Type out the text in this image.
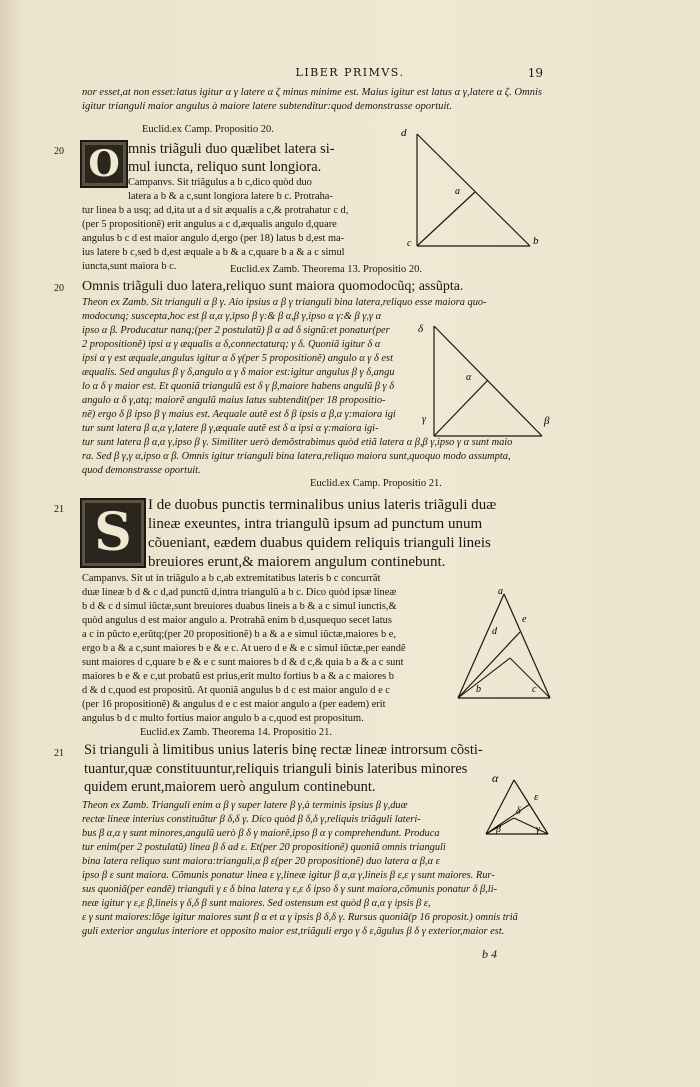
LIBER PRIMVS.	19
nor esset,at non esset:latus igitur α γ latere α ζ minus minime est. Maius igitur est latus α γ,latere α ζ. Omnis
igitur trianguli maior angulus à maiore latere subtenditur:quod demonstrasse oportuit.
Euclid.ex Camp. Propositio 20.
20 O mnis triãguli duo quælibet latera si-
mul iuncta, reliquo sunt longiora.
Campanvs. Sit triãgulus a b c,dico quòd duo
latera a b & a c,sunt longiora latere b c. Protraha-
tur linea b a usq; ad d,ita ut a d sit æqualis a c,& protrahatur c d,
(per 5 propositionẽ) erit angulus a c d,æqualis angulo d,quare
angulus b c d est maior angulo d,ergo (per 18) latus b d,est ma-
ius latere b c,sed b d,est æquale a b & a c,quare b a & a c simul
iuncta,sunt maiora b c.	Euclid.ex Zamb. Theorema 13. Propositio 20.
d
a
b
c
20 Omnis triãguli duo latera,reliquo sunt maiora quomodocũq; assũpta.
Theon ex Zamb. Sit trianguli α β γ. Aio ipsius α β γ trianguli bina latera,reliquo esse maiora quo-
modocunq; suscepta,hoc est β α,α γ,ipso β γ:& β α,β γ,ipso α γ:& β γ,γ α
ipso α β. Producatur nanq;(per 2 postulatũ) β α ad δ signũ:et ponatur(per
2 propositionẽ) ipsi α γ æqualis α δ,connectaturq; γ δ. Quoniã igitur δ α
ipsi α γ est æquale,angulus igitur α δ γ(per 5 propositionẽ) angulo α γ δ est
æqualis. Sed angulus β γ δ,angulo α γ δ maior est:igitur angulus β γ δ,angu
lo α δ γ maior est. Et quoniã triangulũ est δ γ β,maiore habens angulũ β γ δ
angulo α δ γ,atq; maiorẽ angulũ maius latus subtendit(per 18 propositio-
nẽ) ergo δ β ipso β γ maius est. Aequale autẽ est δ β ipsis α β,α γ:maiora igi
tur sunt latera β α,α γ,latere β γ,æquale autẽ est δ α ipsi α γ:maiora igi-
tur sunt latera β α,α γ,ipso β γ. Similiter uerò demõstrabimus quòd etiã latera α β,β γ,ipso γ α sunt maio
ra. Sed β γ,γ α,ipso α β. Omnis igitur trianguli bina latera,reliquo maiora sunt,quoquo modo assumpta,
quod demonstrasse oportuit.
Euclid.ex Camp. Propositio 21.
δ
α
β
γ
21 S	I de duobus punctis terminalibus unius lateris triãguli duæ
lineæ exeuntes, intra triangulũ ipsum ad punctum unum
cõueniant, eædem duabus quidem reliquis trianguli lineis
breuiores erunt,& maiorem angulum continebunt.
Campanvs. Sit ut in triãgulo a b c,ab extremitatibus lateris b c concurrãt
duæ lineæ b d & c d,ad punctũ d,intra triangulũ a b c. Dico quòd ipsæ lineæ
b d & c d simul iũctæ,sunt breuiores duabus lineis a b & a c simul iunctis,&
quòd angulus d est maior angulo a. Protrahã enim b d,usquequo secet latus
a c in pũcto e,erũtq;(per 20 propositionẽ) b a & a e simul iũctæ,maiores b e,
ergo b a & a c,sunt maiores b e & e c. At uero d e & e c simul iũctæ,per eandẽ
sunt maiores d c,quare b e & e c sunt maiores b d & d c,& quia b a & a c sunt
maiores b e & e c,ut probatũ est prius,erit multo fortius b a & a c maiores b
d & d c,quod est propositũ. At quoniã angulus b d c est maior angulo d e c
(per 16 propositionẽ) & angulus d e c est maior angulo a (per eadem) erit
angulus b d c multo fortius maior angulo b a c,quod est propositum.
Euclid.ex Zamb. Theorema 14. Propositio 21.
a
d
e
b	c
21 Si trianguli à limitibus unius lateris binę rectæ lineæ introrsum cõsti-
tuantur,quæ constituuntur,reliquis trianguli binis lateribus minores
quidem erunt,maiorem uerò angulum continebunt.
Theon ex Zamb. Trianguli enim α β γ super latere β γ,à terminis ipsius β γ,duæ
rectæ lineæ interius constituãtur β δ,δ γ. Dico quòd β δ,δ γ,reliquis triãguli lateri-
bus β α,α γ sunt minores,angulũ uerò β δ γ maiorẽ,ipso β α γ comprehendunt. Produca
tur enim(per 2 postulatũ) linea β δ ad ε. Et(per 20 propositionẽ) quoniã omnis trianguli
bina latera reliquo sunt maiora:trianguli,α β ε(per 20 propositionẽ) duo latera α β,α ε
ipso β ε sunt maiora. Cõmunis ponatur linea ε γ,lineæ igitur β α,α γ,lineis β ε,ε γ sunt maiores. Rur-
sus quoniã(per eandẽ) trianguli γ ε δ bina latera γ ε,ε δ ipso δ γ sunt maiora,cõmunis ponatur δ β,li-
neæ igitur γ ε,ε β,lineis γ δ,δ β sunt maiores. Sed ostensum est quòd β α,α γ ipsis β ε,
ε γ sunt maiores:lõge igitur maiores sunt β α et α γ ipsis β δ,δ γ. Rursus quoniã(p 16 proposit.) omnis triã
guli exterior angulus interiore et opposito maior est,triãguli ergo γ δ ε,ãgulus β δ γ exterior,maior est.
α
ε
δ
β	γ
b 4
